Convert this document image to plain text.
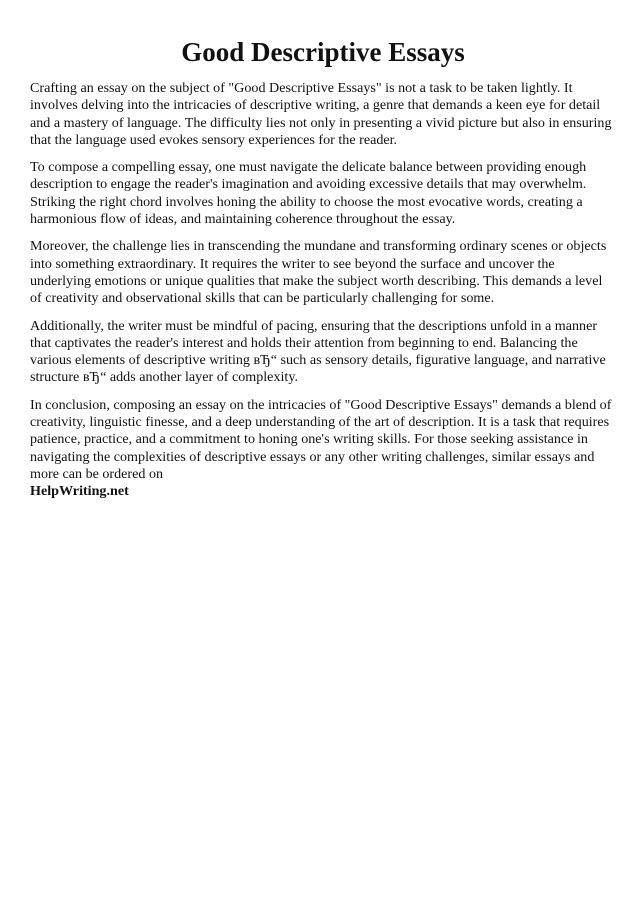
Good Descriptive Essays

Crafting an essay on the subject of "Good Descriptive Essays" is not a task to be taken lightly. It involves delving into the intricacies of descriptive writing, a genre that demands a keen eye for detail and a mastery of language. The difficulty lies not only in presenting a vivid picture but also in ensuring that the language used evokes sensory experiences for the reader.

To compose a compelling essay, one must navigate the delicate balance between providing enough description to engage the reader's imagination and avoiding excessive details that may overwhelm. Striking the right chord involves honing the ability to choose the most evocative words, creating a harmonious flow of ideas, and maintaining coherence throughout the essay.

Moreover, the challenge lies in transcending the mundane and transforming ordinary scenes or objects into something extraordinary. It requires the writer to see beyond the surface and uncover the underlying emotions or unique qualities that make the subject worth describing. This demands a level of creativity and observational skills that can be particularly challenging for some.

Additionally, the writer must be mindful of pacing, ensuring that the descriptions unfold in a manner that captivates the reader's interest and holds their attention from beginning to end. Balancing the various elements of descriptive writing вЂ“ such as sensory details, figurative language, and narrative structure вЂ“ adds another layer of complexity.

In conclusion, composing an essay on the intricacies of "Good Descriptive Essays" demands a blend of creativity, linguistic finesse, and a deep understanding of the art of description. It is a task that requires patience, practice, and a commitment to honing one's writing skills. For those seeking assistance in navigating the complexities of descriptive essays or any other writing challenges, similar essays and more can be ordered on
HelpWriting.net
